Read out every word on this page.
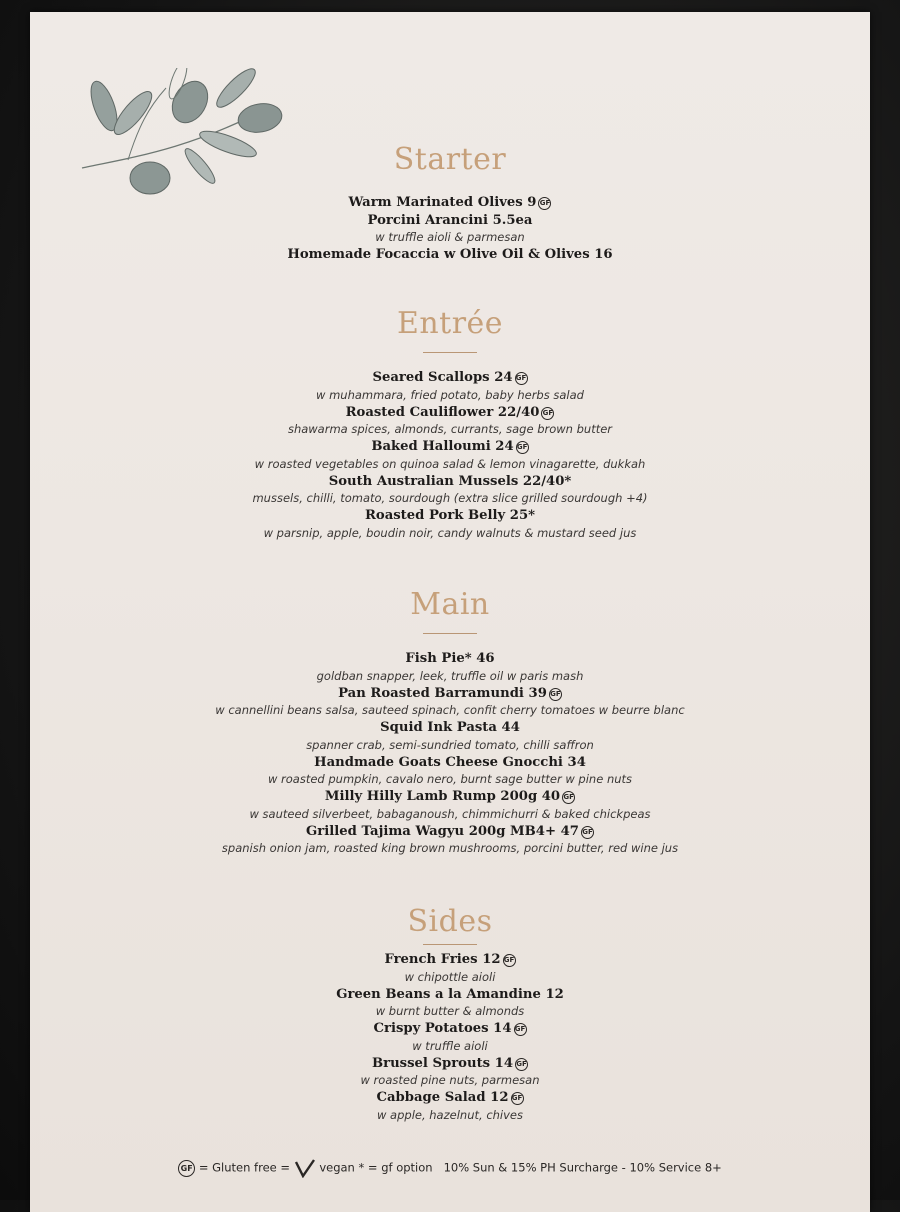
Starter
Warm Marinated Olives 9 GF
Porcini Arancini 5.5ea
w truffle aioli & parmesan
Homemade Focaccia w Olive Oil & Olives 16
Entrée
Seared Scallops 24 GF
w muhammara, fried potato, baby herbs salad
Roasted Cauliflower 22/40 GF
shawarma spices, almonds, currants, sage brown butter
Baked Halloumi 24 GF
w roasted vegetables on quinoa salad & lemon vinagarette, dukkah
South Australian Mussels 22/40*
mussels, chilli, tomato, sourdough (extra slice grilled sourdough +4)
Roasted Pork Belly 25*
w parsnip, apple, boudin noir, candy walnuts & mustard seed jus
Main
Fish Pie* 46
goldban snapper, leek, truffle oil w paris mash
Pan Roasted Barramundi 39 GF
w cannellini beans salsa, sauteed spinach, confit cherry tomatoes w beurre blanc
Squid Ink Pasta 44
spanner crab, semi-sundried tomato, chilli saffron
Handmade Goats Cheese Gnocchi 34
w roasted pumpkin, cavalo nero, burnt sage butter w pine nuts
Milly Hilly Lamb Rump 200g 40 GF
w sauteed silverbeet, babaganoush, chimmichurri & baked chickpeas
Grilled Tajima Wagyu 200g MB4+ 47 GF
spanish onion jam, roasted king brown mushrooms, porcini butter, red wine jus
Sides
French Fries 12 GF
w chipottle aioli
Green Beans a la Amandine 12
w burnt butter & almonds
Crispy Potatoes 14 GF
w truffle aioli
Brussel Sprouts 14 GF
w roasted pine nuts, parmesan
Cabbage Salad 12 GF
w apple, hazelnut, chives
GF = Gluten free =	vegan * = gf option 10% Sun & 15% PH Surcharge - 10% Service 8+
